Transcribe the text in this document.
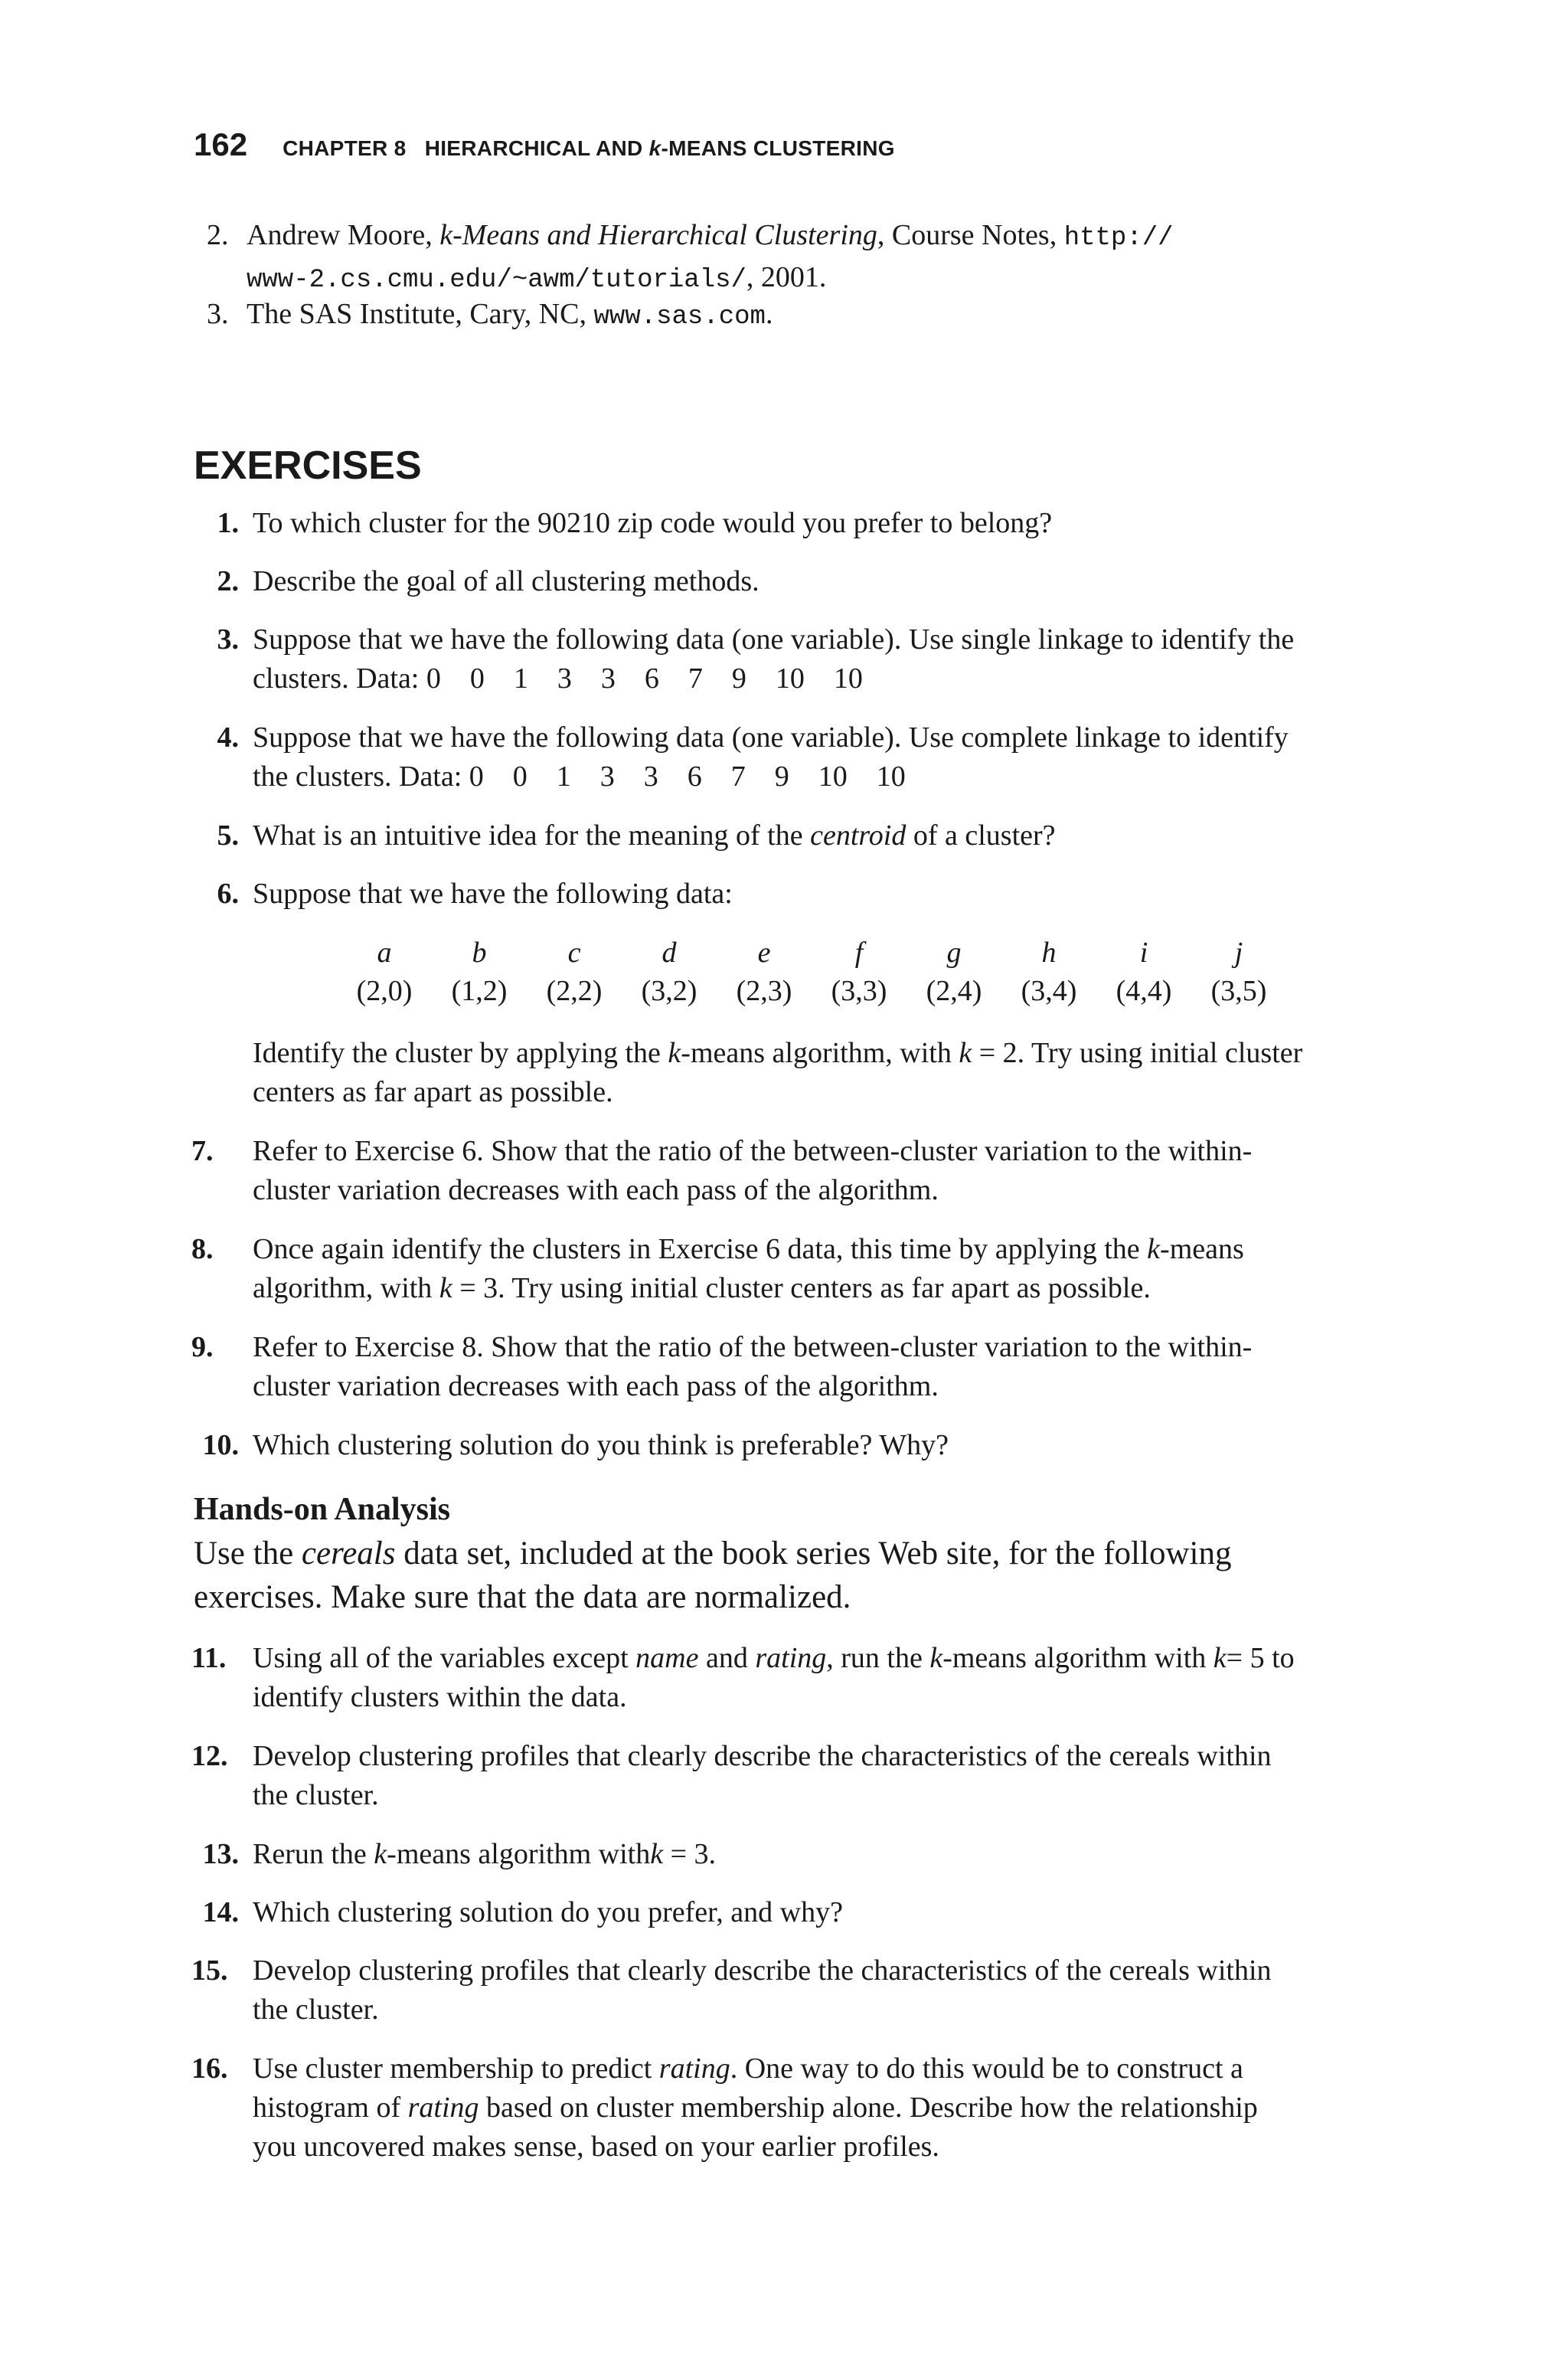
162 CHAPTER 8   HIERARCHICAL AND k-MEANS CLUSTERING
2. Andrew Moore, k-Means and Hierarchical Clustering, Course Notes, http://
www-2.cs.cmu.edu/~awm/tutorials/, 2001.
3. The SAS Institute, Cary, NC, www.sas.com.
EXERCISES
1. To which cluster for the 90210 zip code would you prefer to belong?
2. Describe the goal of all clustering methods.
3. Suppose that we have the following data (one variable). Use single linkage to identify the
clusters. Data: 0    0    1    3    3    6    7    9    10    10
4. Suppose that we have the following data (one variable). Use complete linkage to identify
the clusters. Data: 0    0    1    3    3    6    7    9    10    10
5. What is an intuitive idea for the meaning of the centroid of a cluster?
6. Suppose that we have the following data:
a	b	c	d	e	f	g	h	i	j
(2,0)	(1,2)	(2,2)	(3,2)	(2,3)	(3,3)	(2,4)	(3,4)	(4,4)	(3,5)
Identify the cluster by applying the k-means algorithm, with k = 2. Try using initial cluster
centers as far apart as possible.
7.	Refer to Exercise 6. Show that the ratio of the between-cluster variation to the within-
cluster variation decreases with each pass of the algorithm.
8.	Once again identify the clusters in Exercise 6 data, this time by applying the k-means
algorithm, with k = 3. Try using initial cluster centers as far apart as possible.
9.	Refer to Exercise 8. Show that the ratio of the between-cluster variation to the within-
cluster variation decreases with each pass of the algorithm.
10. Which clustering solution do you think is preferable? Why?
Hands-on Analysis
Use the cereals data set, included at the book series Web site, for the following
exercises. Make sure that the data are normalized.
11. Using all of the variables except name and rating, run the k-means algorithm with k= 5 to
identify clusters within the data.
12. Develop clustering profiles that clearly describe the characteristics of the cereals within
the cluster.
13. Rerun the k-means algorithm withk = 3.
14. Which clustering solution do you prefer, and why?
15. Develop clustering profiles that clearly describe the characteristics of the cereals within
the cluster.
16. Use cluster membership to predict rating. One way to do this would be to construct a
histogram of rating based on cluster membership alone. Describe how the relationship
you uncovered makes sense, based on your earlier profiles.
